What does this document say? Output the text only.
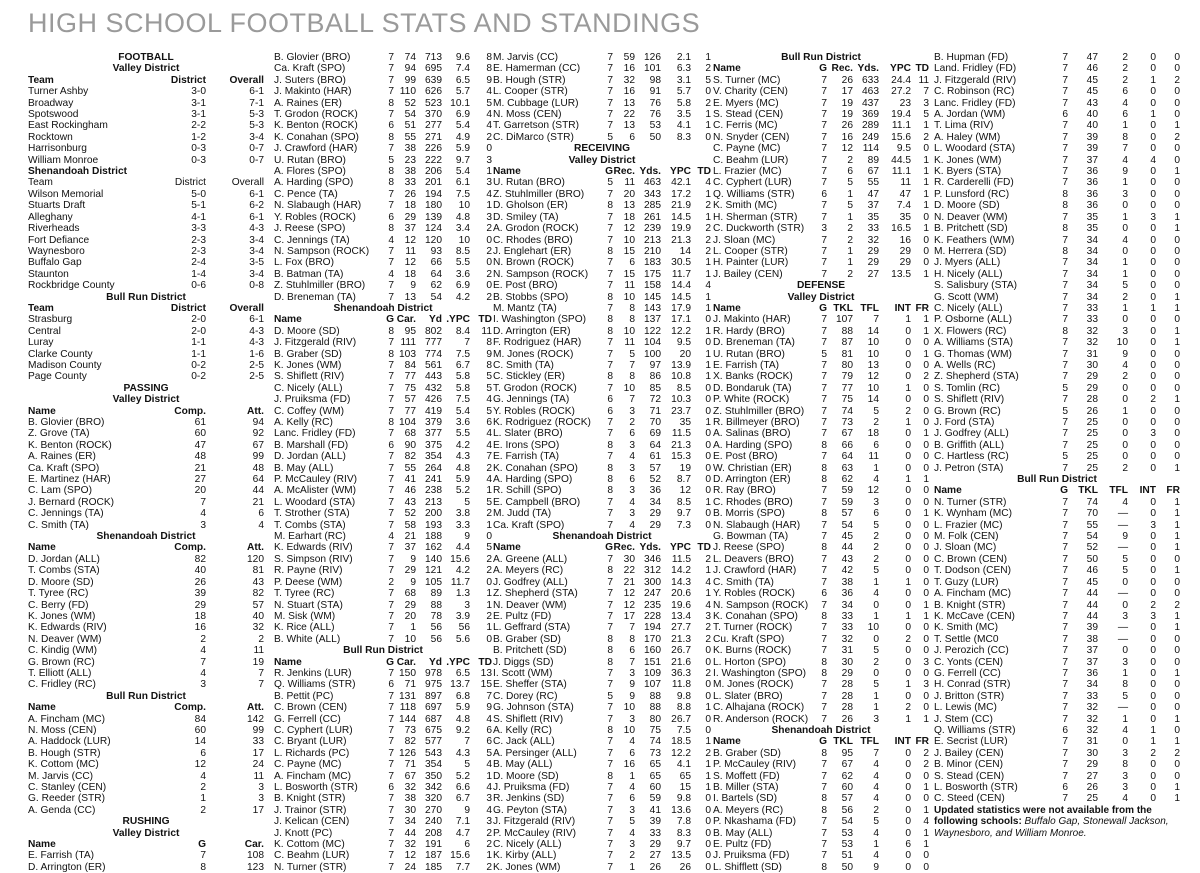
HIGH SCHOOL FOOTBALL STATS AND STANDINGS
FOOTBALL			
Valley District			
Team	District	Overall	
Turner Ashby	3-0	6-1	
Broadway	3-1	7-1	
Spotswood	3-1	5-3	
East Rockingham	2-2	5-3	
Rocktown	1-2	3-4	
Harrisonburg	0-3	0-7	
William Monroe	0-3	0-7	
Shenandoah District			
Team	District	Overall	
Wilson Memorial	5-0	6-1	
Stuarts Draft	5-1	6-2	
Alleghany	4-1	6-1	
Riverheads	3-3	4-3	
Fort Defiance	2-3	3-4	
Waynesboro	2-3	3-4	
Buffalo Gap	2-4	3-5	
Staunton	1-4	3-4	
Rockbridge County	0-6	0-8	
Bull Run District			
Team	District	Overall	
Strasburg	2-0	6-1	
Central	2-0	4-3	
Luray	1-1	4-3	
Clarke County	1-1	1-6	
Madison County	0-2	2-5	
Page County	0-2	2-5	
PASSING			
Valley District			
Name	Comp.	Att.			
B. Glovier (BRO)	61	94			
Z. Grove (TA)	60	92			
K. Benton (ROCK)	47	67			
A. Raines (ER)	48	99			
Ca. Kraft (SPO)	21	48			
E. Martinez (HAR)	27	64			
C. Lam (SPO)	20	44			
J. Bernard (ROCK)	7	21			
C. Jennings (TA)	4	6			
C. Smith (TA)	3	4			
Shenandoah District			
Name	Comp.	Att.			
D. Jordan (ALL)	82	120			
T. Combs (STA)	40	81			
D. Moore (SD)	26	43			
T. Tyree (RC)	39	82			
C. Berry (FD)	29	57			
K. Jones (WM)	18	40			
K. Edwards (RIV)	16	32			
N. Deaver (WM)	2	2			
C. Kindig (WM)	4	11			
G. Brown (RC)	7	19			
T. Elliott (ALL)	4	7			
C. Fridley (RC)	3	7			
Bull Run District			
Name	Comp.	Att.			
A. Fincham (MC)	84	142			
N. Moss (CEN)	60	99			
A. Haddock (LUR)	14	33			
B. Hough (STR)	6	17			
K. Cottom (MC)	12	24			
M. Jarvis (CC)	4	11			
C. Stanley (CEN)	2	3			
G. Reeder (STR)	1	3			
A. Genda (CC)	2	17			
RUSHING			
Valley District			
Name	G	Car.			
E. Farrish (TA)	7	108			
D. Arrington (ER)	8	123			
B. Glovier (BRO)	7	74	713	9.6	8
Ca. Kraft (SPO)	7	94	695	7.4	8
J. Suters (BRO)	7	99	639	6.5	9
J. Makinto (HAR)	7	110	626	5.7	4
A. Raines (ER)	8	52	523	10.1	5
T. Grodon (ROCK)	7	54	370	6.9	4
K. Benton (ROCK)	6	51	277	5.4	4
K. Conahan (SPO)	8	55	271	4.9	2
J. Crawford (HAR)	7	38	226	5.9	0
U. Rutan (BRO)	5	23	222	9.7	3
A. Flores (SPO)	8	38	206	5.4	1
A. Harding (SPO)	8	33	201	6.1	3
C. Pence (TA)	7	26	194	7.5	4
N. Slabaugh (HAR)	7	18	180	10	1
Y. Robles (ROCK)	6	29	139	4.8	3
J. Reese (SPO)	8	37	124	3.4	2
C. Jennings (TA)	4	12	120	10	0
N. Sampson (ROCK)	7	11	93	8.5	2
L. Fox (BRO)	7	12	66	5.5	0
B. Batman (TA)	4	18	64	3.6	2
Z. Stuhlmiller (BRO)	7	9	62	6.9	0
D. Breneman (TA)	7	13	54	4.2	2
Shenandoah District					
Name	G	Car.	Yd	.YPC	TD
D. Moore (SD)	8	95	802	8.4	11
J. Fitzgerald (RIV)	7	111	777	7	8
B. Graber (SD)	8	103	774	7.5	9
K. Jones (WM)	7	84	561	6.7	8
S. Shiflett (RIV)	7	77	443	5.8	5
C. Nicely (ALL)	7	75	432	5.8	5
J. Pruiksma (FD)	7	57	426	7.5	4
C. Coffey (WM)	7	77	419	5.4	5
A. Kelly (RC)	8	104	379	3.6	6
Lanc. Fridley (FD)	7	68	377	5.5	4
B. Marshall (FD)	6	90	375	4.2	4
D. Jordan (ALL)	7	82	354	4.3	7
B. May (ALL)	7	55	264	4.8	2
P. McCauley (RIV)	7	41	241	5.9	4
A. McAlister (WM)	7	46	238	5.2	1
L. Woodard (STA)	7	43	213	5	5
T. Strother (STA)	7	52	200	3.8	2
T. Combs (STA)	7	58	193	3.3	1
M. Earhart (RC)	4	21	188	9	0
K. Edwards (RIV)	7	37	162	4.4	5
S. Simpson (RIV)	7	9	140	15.6	2
R. Payne (RIV)	7	29	121	4.2	2
P. Deese (WM)	2	9	105	11.7	0
T. Tyree (RC)	7	68	89	1.3	1
N. Stuart (STA)	7	29	88	3	1
M. Sisk (WM)	7	20	78	3.9	2
K. Rice (ALL)	7	1	56	56	1
B. White (ALL)	7	10	56	5.6	0
Bull Run District					
Name	G	Car.	Yd	.YPC	TD
R. Jenkins (LUR)	7	150	978	6.5	13
Q. Williams (STR)	6	71	975	13.7	15
B. Pettit (PC)	7	131	897	6.8	7
C. Brown (CEN)	7	118	697	5.9	9
G. Ferrell (CC)	7	144	687	4.8	4
C. Cyphert (LUR)	7	73	675	9.2	6
C. Bryant (LUR)	7	82	577	7	6
L. Richards (PC)	7	126	543	4.3	5
C. Payne (MC)	7	71	354	5	4
A. Fincham (MC)	7	67	350	5.2	1
L. Bosworth (STR)	6	32	342	6.6	4
B. Knight (STR)	7	38	320	6.7	3
J. Trainor (STR)	7	30	270	9	4
J. Kelican (CEN)	7	34	240	7.1	3
J. Knott (PC)	7	44	208	4.7	2
K. Cottom (MC)	7	32	191	6	2
C. Beahm (LUR)	7	12	187	15.6	1
N. Turner (STR)	7	24	185	7.7	2
M. Jarvis (CC)	7	59	126	2.1	1
E. Hamerman (CC)	7	16	101	6.3	2
B. Hough (STR)	7	32	98	3.1	5
L. Cooper (STR)	7	16	91	5.7	0
M. Cubbage (LUR)	7	13	76	5.8	2
N. Moss (CEN)	7	22	76	3.5	1
T. Garretson (STR)	7	13	53	4.1	1
C. DiMarco (STR)	5	6	50	8.3	0
RECEIVING					
Valley District					
Name	G	Rec.	Yds.	YPC	TD
U. Rutan (BRO)	5	11	463	42.1	4
Z. Stuhlmiller (BRO)	7	20	343	17.2	1
D. Gholson (ER)	8	13	285	21.9	2
D. Smiley (TA)	7	18	261	14.5	1
A. Grodon (ROCK)	7	12	239	19.9	2
C. Rhodes (BRO)	7	10	213	21.3	2
J. Englehart (ER)	8	15	210	14	2
N. Brown (ROCK)	7	6	183	30.5	1
N. Sampson (ROCK)	7	15	175	11.7	1
E. Post (BRO)	7	11	158	14.4	4
B. Stobbs (SPO)	8	10	145	14.5	1
M. Mantz (TA)	7	8	143	17.9	1
I. Washington (SPO)	8	8	137	17.1	0
D. Arrington (ER)	8	10	122	12.2	1
F. Rodriguez (HAR)	7	11	104	9.5	0
M. Jones (ROCK)	7	5	100	20	1
C. Smith (TA)	7	7	97	13.9	1
C. Stickley (ER)	8	8	86	10.8	1
T. Grodon (ROCK)	7	10	85	8.5	0
G. Jennings (TA)	6	7	72	10.3	0
Y. Robles (ROCK)	6	3	71	23.7	0
K. Rodriguez (ROCK)	7	2	70	35	1
L. Slater (BRO)	7	6	69	11.5	0
E. Irons (SPO)	8	3	64	21.3	0
E. Farrish (TA)	7	4	61	15.3	0
K. Conahan (SPO)	8	3	57	19	0
A. Harding (SPO)	8	6	52	8.7	0
R. Schill (SPO)	8	3	36	12	0
E. Campbell (BRO)	7	4	34	8.5	1
M. Judd (TA)	7	3	29	9.7	0
Ca. Kraft (SPO)	7	4	29	7.3	0
Shenandoah District					
Name	G	Rec.	Yds.	YPC	TD
A. Greene (ALL)	7	30	346	11.5	2
A. Meyers (RC)	8	22	312	14.2	1
J. Godfrey (ALL)	7	21	300	14.3	4
Z. Shepherd (STA)	7	12	247	20.6	1
N. Deaver (WM)	7	12	235	19.6	4
E. Pultz (FD)	7	17	228	13.4	3
L. Geffrard (STA)	7	7	194	27.7	2
B. Graber (SD)	8	8	170	21.3	2
B. Pritchett (SD)	8	6	160	26.7	0
J. Diggs (SD)	8	7	151	21.6	0
I. Scott (WM)	7	3	109	36.3	2
E. Sheffer (STA)	7	9	107	11.8	0
C. Dorey (RC)	5	9	88	9.8	0
G. Johnson (STA)	7	10	88	8.8	1
S. Shiflett (RIV)	7	3	80	26.7	0
A. Kelly (RC)	8	10	75	7.5	0
C. Jack (ALL)	7	4	74	18.5	1
A. Persinger (ALL)	7	6	73	12.2	2
B. May (ALL)	7	16	65	4.1	1
D. Moore (SD)	8	1	65	65	1
J. Pruiksma (FD)	7	4	60	15	1
R. Jenkins (SD)	7	6	59	9.8	0
G. Peyton (STA)	7	3	41	13.6	0
J. Fitzgerald (RIV)	7	5	39	7.8	0
P. McCauley (RIV)	7	4	33	8.3	0
C. Nicely (ALL)	7	3	29	9.7	0
K. Kirby (ALL)	7	2	27	13.5	0
K. Jones (WM)	7	1	26	26	0
Bull Run District					
Name	G	Rec.	Yds.	YPC	TD
S. Turner (MC)	7	26	633	24.4	11
V. Charity (CEN)	7	17	463	27.2	7
E. Myers (MC)	7	19	437	23	3
S. Stead (CEN)	7	19	369	19.4	5
C. Ferris (MC)	7	26	289	11.1	1
N. Snyder (CEN)	7	16	249	15.6	2
C. Payne (MC)	7	12	114	9.5	0
C. Beahm (LUR)	7	2	89	44.5	1
L. Frazier (MC)	7	6	67	11.1	1
C. Cyphert (LUR)	7	5	55	11	1
Q. Williams (STR)	6	1	47	47	1
K. Smith (MC)	7	5	37	7.4	1
H. Sherman (STR)	7	1	35	35	0
C. Duckworth (STR)	3	2	33	16.5	1
J. Sloan (MC)	7	2	32	16	0
L. Cooper (STR)	7	1	29	29	0
H. Painter (LUR)	7	1	29	29	0
J. Bailey (CEN)	7	2	27	13.5	1
DEFENSE					
Valley District					
Name	G	TKL	TFL	INT	FR
J. Makinto (HAR)	7	107	7	1	1
R. Hardy (BRO)	7	88	14	0	1
D. Breneman (TA)	7	87	10	0	0
U. Rutan (BRO)	5	81	10	0	1
E. Farrish (TA)	7	80	13	0	0
X. Banks (ROCK)	7	79	12	0	2
D. Bondaruk (TA)	7	77	10	1	0
P. White (ROCK)	7	75	14	0	0
Z. Stuhlmiller (BRO)	7	74	5	2	0
R. Billmeyer (BRO)	7	73	2	1	0
A. Salinas (BRO)	7	67	18	0	1
A. Harding (SPO)	8	66	6	0	0
E. Post (BRO)	7	64	11	0	0
W. Christian (ER)	8	63	1	0	0
D. Arrington (ER)	8	62	4	1	1
R. Ray (BRO)	7	59	12	0	0
C. Rhodes (BRO)	7	59	3	0	0
B. Morris (SPO)	8	57	6	0	1
N. Slabaugh (HAR)	7	54	5	0	0
G. Bowman (TA)	7	45	2	0	0
J. Reese (SPO)	8	44	2	0	0
L. Deavers (BRO)	7	43	2	0	0
J. Crawford (HAR)	7	42	5	0	0
C. Smith (TA)	7	38	1	1	0
Y. Robles (ROCK)	6	36	4	0	0
N. Sampson (ROCK)	7	34	0	0	1
K. Conahan (SPO)	8	33	1	1	1
T. Turner (ROCK)	7	33	10	0	0
Cu. Kraft (SPO)	7	32	0	2	0
K. Burns (ROCK)	7	31	5	0	0
L. Horton (SPO)	8	30	2	0	3
I. Washington (SPO)	8	29	0	0	0
M. Jones (ROCK)	7	28	5	1	3
L. Slater (BRO)	7	28	1	0	0
C. Alhajana (ROCK)	7	28	1	2	0
R. Anderson (ROCK)	7	26	3	1	1
Shenandoah District					
Name	G	TKL	TFL	INT	FR
B. Graber (SD)	8	95	7	0	2
P. McCauley (RIV)	7	67	4	0	2
S. Moffett (FD)	7	62	4	0	0
B. Miller (STA)	7	60	4	0	1
I. Bartels (SD)	8	57	4	0	0
A. Meyers (RC)	8	56	2	0	1
P. Nkashama (FD)	7	54	5	0	4
B. May (ALL)	7	53	4	0	1
E. Pultz (FD)	7	53	1	6	1
J. Pruiksma (FD)	7	51	4	0	0
L. Shifflett (SD)	8	50	9	0	0
B. Hupman (FD)	7	47	2	0	0
Land. Fridley (FD)	7	46	2	0	0
J. Fitzgerald (RIV)	7	45	2	1	2
C. Robinson (RC)	7	45	6	0	0
Lanc. Fridley (FD)	7	43	4	0	0
A. Jordan (WM)	6	40	6	1	0
T. Lima (RIV)	7	40	1	0	1
A. Haley (WM)	7	39	8	0	2
L. Woodard (STA)	7	39	7	0	0
K. Jones (WM)	7	37	4	4	0
K. Byers (STA)	7	36	9	0	1
R. Carderelli (FD)	7	36	1	0	0
P. Lunsford (RC)	8	36	3	0	0
D. Moore (SD)	8	36	0	0	0
N. Deaver (WM)	7	35	1	3	1
B. Pritchett (SD)	8	35	0	0	1
K. Feathers (WM)	7	34	4	0	0
M. Herrera (SD)	8	34	0	0	0
J. Myers (ALL)	7	34	1	0	0
H. Nicely (ALL)	7	34	1	0	0
S. Salisbury (STA)	7	34	5	0	0
G. Scott (WM)	7	34	2	0	1
C. Nicely (ALL)	7	33	1	1	1
P. Osborne (ALL)	7	33	0	0	0
X. Flowers (RC)	8	32	3	0	1
A. Williams (STA)	7	32	10	0	1
G. Thomas (WM)	7	31	9	0	0
A. Wells (RC)	7	30	4	0	0
Z. Shepherd (STA)	7	29	2	0	0
S. Tomlin (RC)	5	29	0	0	0
S. Shiflett (RIV)	7	28	0	2	1
G. Brown (RC)	5	26	1	0	0
J. Ford (STA)	7	25	0	0	0
J. Godfrey (ALL)	7	25	0	3	0
B. Griffith (ALL)	7	25	0	0	0
C. Hartless (RC)	5	25	0	0	0
J. Petron (STA)	7	25	2	0	1
Bull Run District					
Name	G	TKL	TFL	INT	FR
N. Turner (STR)	7	74	4	0	1
K. Wynham (MC)	7	70	—	0	1
L. Frazier (MC)	7	55	—	3	1
M. Folk (CEN)	7	54	9	0	1
J. Sloan (MC)	7	52	—	0	1
C. Brown (CEN)	7	50	5	0	0
T. Dodson (CEN)	7	46	5	0	1
T. Guzy (LUR)	7	45	0	0	0
A. Fincham (MC)	7	44	—	0	0
B. Knight (STR)	7	44	0	2	2
K. McCave (CEN)	7	44	3	3	1
K. Smith (MC)	7	39	—	0	1
T. Settle (MC0	7	38	—	0	0
J. Perozich (CC)	7	37	0	0	0
C. Yonts (CEN)	7	37	3	0	0
G. Ferrell (CC)	7	36	1	0	1
H. Conrad (STR)	7	34	8	0	0
J. Britton (STR)	7	33	5	0	0
L. Lewis (MC)	7	32	—	0	0
J. Stem (CC)	7	32	1	0	1
Q. Williams (STR)	6	32	4	1	0
E. Secrist (LUR)	7	31	0	1	1
J. Bailey (CEN)	7	30	3	2	2
B. Minor (CEN)	7	29	8	0	0
S. Stead (CEN)	7	27	3	0	0
L. Bosworth (STR)	6	26	3	0	1
C. Steed (CEN)	7	25	4	0	1
Updated statistics were not available from the following schools: Buffalo Gap, Stonewall Jackson, Waynesboro, and William Monroe.					
